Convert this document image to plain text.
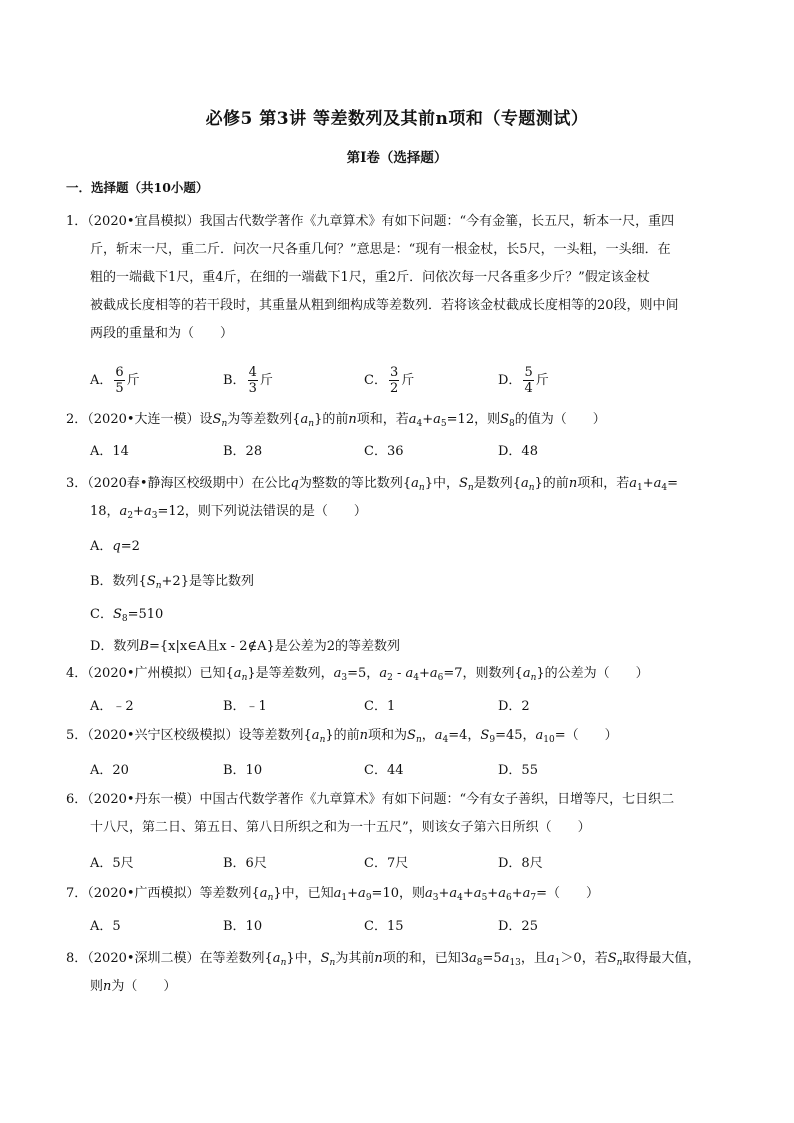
必修5 第3讲 等差数列及其前n项和（专题测试）
第Ⅰ卷（选择题）
一．选择题（共10小题）

1．（2020•宜昌模拟）我国古代数学著作《九章算术》有如下问题：“今有金箠，长五尺，斩本一尺，重四

斤，斩末一尺，重二斤．问次一尺各重几何？”意思是：“现有一根金杖，长5尺，一头粗，一头细．在

粗的一端截下1尺，重4斤，在细的一端截下1尺，重2斤．问依次每一尺各重多少斤？”假定该金杖

被截成长度相等的若干段时，其重量从粗到细构成等差数列．若将该金杖截成长度相等的20段，则中间

两段的重量和为（　　）

A． $\frac{6}{5}$ 斤	B． $\frac{4}{3}$ 斤	C． $\frac{3}{2}$ 斤	D． $\frac{5}{4}$ 斤

2．（2020•大连一模）设$S_n$为等差数列$\{a_n\}$的前n项和，若$a_4+a_5=12$，则$S_8$的值为（　　）

A．14	B．28	C．36	D．48

3．（2020春•静海区校级期中）在公比q为整数的等比数列$\{a_n\}$中，$S_n$是数列$\{a_n\}$的前n项和，若$a_1+a_4=$

18，$a_2+a_3=12$，则下列说法错误的是（　　）

A．q=2
B．数列$\{S_n+2\}$是等比数列
C．$S_8=510$
D．数列B={x|x∈A且x - 2∉A}是公差为2的等差数列

4．（2020•广州模拟）已知$\{a_n\}$是等差数列，$a_3=5$，$a_2 - a_4+a_6=7$，则数列$\{a_n\}$的公差为（　　）

A．﹣2	B．﹣1	C．1	D．2

5．（2020•兴宁区校级模拟）设等差数列$\{a_n\}$的前n项和为$S_n$，$a_4=4$，$S_9=45$，$a_{10}=$（　　）

A．20	B．10	C．44	D．55

6．（2020•丹东一模）中国古代数学著作《九章算术》有如下问题：“今有女子善织，日增等尺，七日织二

十八尺，第二日、第五日、第八日所织之和为一十五尺”，则该女子第六日所织（　　）

A．5尺	B．6尺	C．7尺	D．8尺

7．（2020•广西模拟）等差数列$\{a_n\}$中，已知$a_1+a_9=10$，则$a_3+a_4+a_5+a_6+a_7=$（　　）

A．5	B．10	C．15	D．25

8．（2020•深圳二模）在等差数列$\{a_n\}$中，$S_n$为其前n项的和，已知$3a_8=5a_{13}$，且$a_1>0$，若$S_n$取得最大值，

则n为（　　）
